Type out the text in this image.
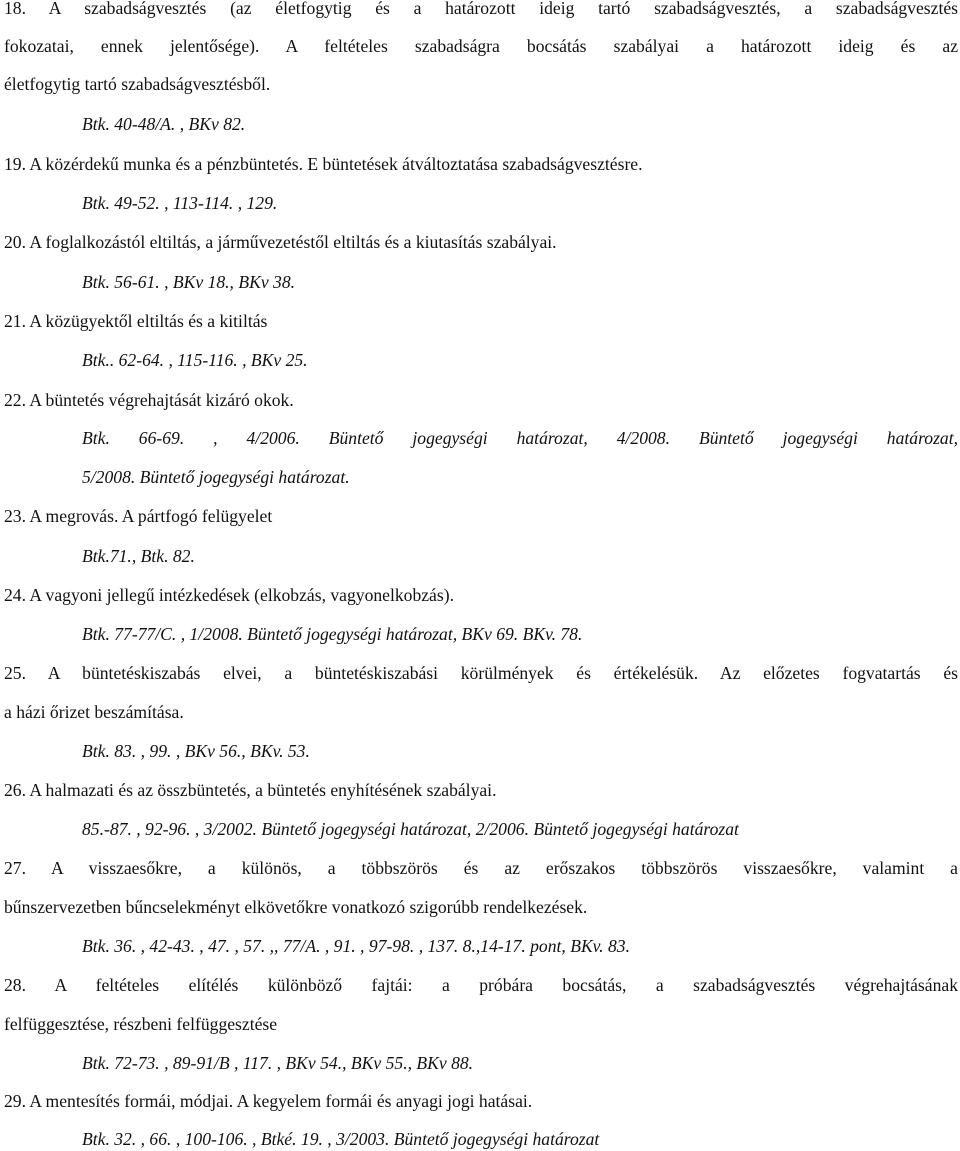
18. A szabadságvesztés (az életfogytig és a határozott ideig tartó szabadságvesztés, a szabadságvesztés
fokozatai, ennek jelentősége). A feltételes szabadságra bocsátás szabályai a határozott ideig és az
életfogytig tartó szabadságvesztésből.
Btk. 40-48/A. , BKv 82.
19. A közérdekű munka és a pénzbüntetés. E büntetések átváltoztatása szabadságvesztésre.
Btk. 49-52. , 113-114. , 129.
20. A foglalkozástól eltiltás, a járművezetéstől eltiltás és a kiutasítás szabályai.
Btk. 56-61. , BKv 18., BKv 38.
21. A közügyektől eltiltás és a kitiltás
Btk.. 62-64. , 115-116. , BKv 25.
22. A büntetés végrehajtását kizáró okok.
Btk. 66-69. , 4/2006. Büntető jogegységi határozat, 4/2008. Büntető jogegységi határozat,
5/2008. Büntető jogegységi határozat.
23. A megrovás. A pártfogó felügyelet
Btk.71., Btk. 82.
24. A vagyoni jellegű intézkedések (elkobzás, vagyonelkobzás).
Btk. 77-77/C. , 1/2008. Büntető jogegységi határozat, BKv 69. BKv. 78.
25. A büntetéskiszabás elvei, a büntetéskiszabási körülmények és értékelésük. Az előzetes fogvatartás és
a házi őrizet beszámítása.
Btk. 83. , 99. , BKv 56., BKv. 53.
26. A halmazati és az összbüntetés, a büntetés enyhítésének szabályai.
85.-87. , 92-96. , 3/2002. Büntető jogegységi határozat, 2/2006. Büntető jogegységi határozat
27. A visszaesőkre, a különös, a többszörös és az erőszakos többszörös visszaesőkre, valamint a
bűnszervezetben bűncselekményt elkövetőkre vonatkozó szigorúbb rendelkezések.
Btk. 36. , 42-43. , 47. , 57. ,, 77/A. , 91. , 97-98. , 137. 8.,14-17. pont, BKv. 83.
28. A feltételes elítélés különböző fajtái: a próbára bocsátás, a szabadságvesztés végrehajtásának
felfüggesztése, részbeni felfüggesztése
Btk. 72-73. , 89-91/B , 117. , BKv 54., BKv 55., BKv 88.
29. A mentesítés formái, módjai. A kegyelem formái és anyagi jogi hatásai.
Btk. 32. , 66. , 100-106. , Btké. 19. , 3/2003. Büntető jogegységi határozat
